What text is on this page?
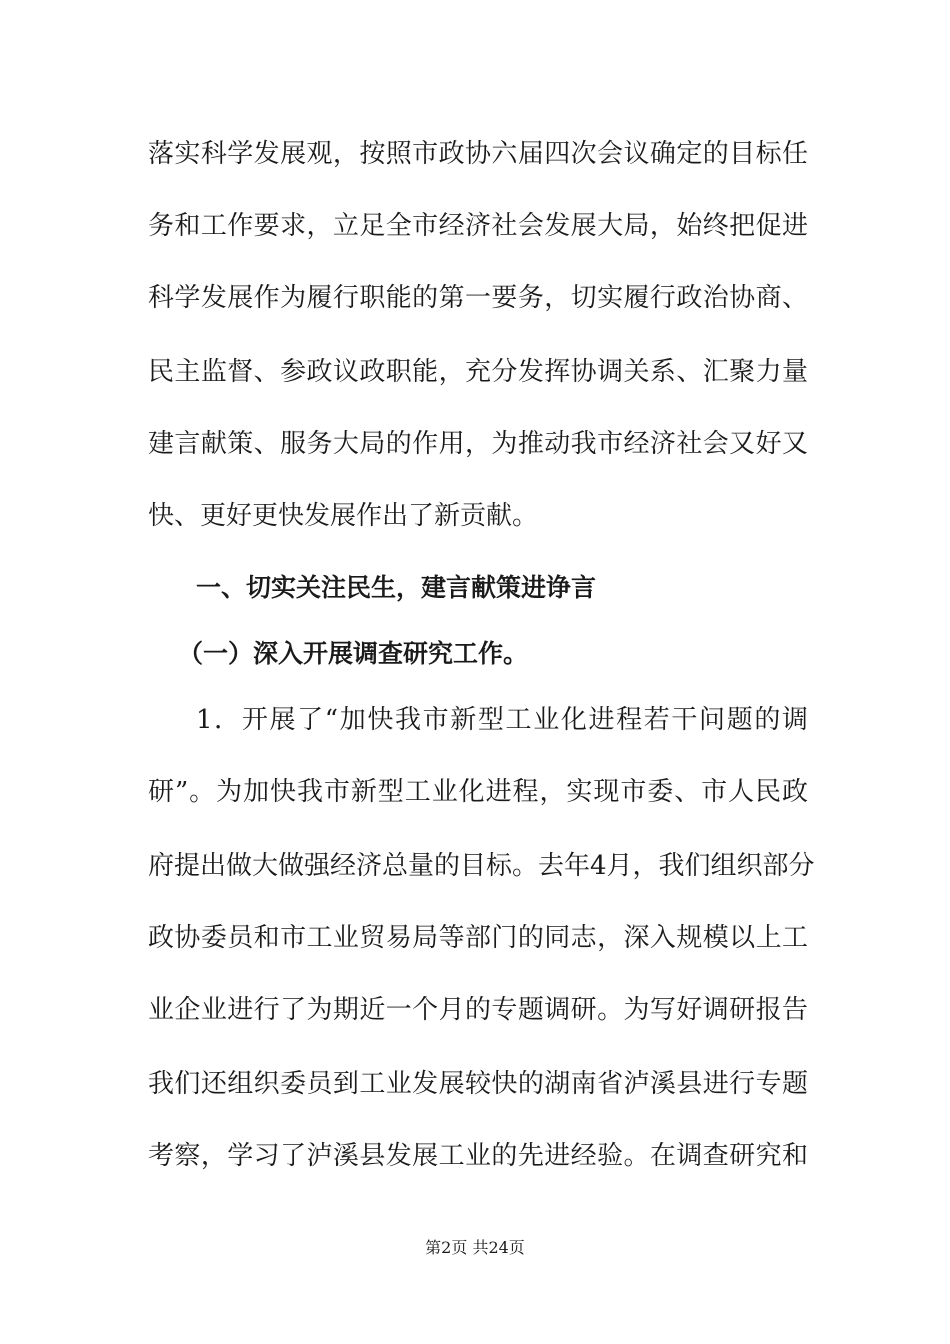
落实科学发展观，按照市政协六届四次会议确定的目标任
务和工作要求，立足全市经济社会发展大局，始终把促进
科学发展作为履行职能的第一要务，切实履行政治协商、
民主监督、参政议政职能，充分发挥协调关系、汇聚力量
建言献策、服务大局的作用，为推动我市经济社会又好又
快、更好更快发展作出了新贡献。
一、切实关注民生，建言献策进诤言
（一）深入开展调查研究工作。
1．开展了“加快我市新型工业化进程若干问题的调
研”。为加快我市新型工业化进程，实现市委、市人民政
府提出做大做强经济总量的目标。去年4月，我们组织部分
政协委员和市工业贸易局等部门的同志，深入规模以上工
业企业进行了为期近一个月的专题调研。为写好调研报告
我们还组织委员到工业发展较快的湖南省泸溪县进行专题
考察，学习了泸溪县发展工业的先进经验。在调查研究和
第2页 共24页
